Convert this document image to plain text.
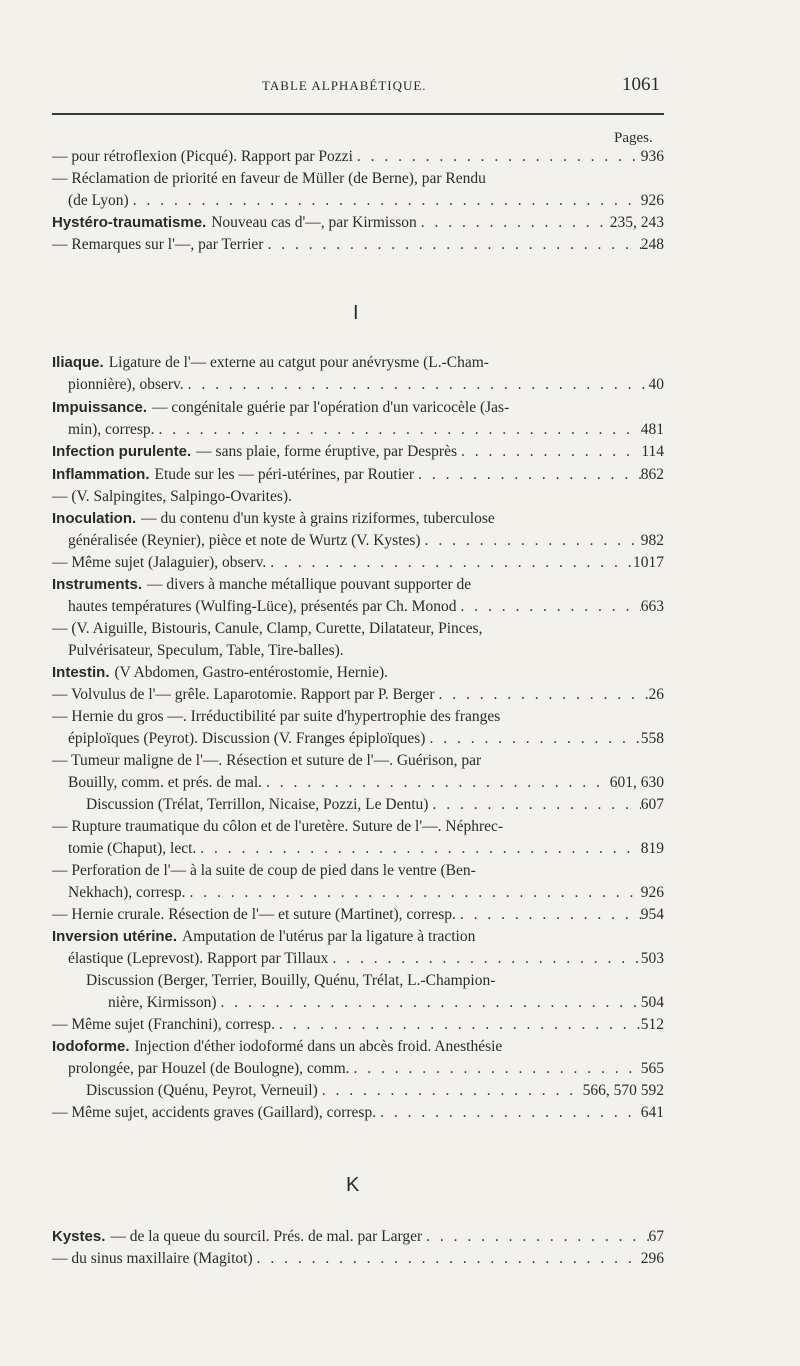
TABLE ALPHABÉTIQUE.	1061
Pages.
— pour rétroflexion (Picqué). Rapport par Pozzi . . .	936
— Réclamation de priorité en faveur de Müller (de Berne), par Rendu
(de Lyon) . . .	926
Hystéro-traumatisme. Nouveau cas d'—, par Kirmisson . . .	235, 243
— Remarques sur l'—, par Terrier . . .	248
I
Iliaque. Ligature de l'— externe au catgut pour anévrysme (L.-Cham-
pionnière), observ. . . .	40
Impuissance. — congénitale guérie par l'opération d'un varicocèle (Jas-
min), corresp. . . .	481
Infection purulente. — sans plaie, forme éruptive, par Desprès . . .	114
Inflammation. Etude sur les — péri-utérines, par Routier . . .	862
— (V. Salpingites, Salpingo-Ovarites).
Inoculation. — du contenu d'un kyste à grains riziformes, tuberculose
généralisée (Reynier), pièce et note de Wurtz (V. Kystes) . . .	982
— Même sujet (Jalaguier), observ. . . .	1017
Instruments. — divers à manche métallique pouvant supporter de
hautes températures (Wulfing-Lüce), présentés par Ch. Monod . . .	663
— (V. Aiguille, Bistouris, Canule, Clamp, Curette, Dilatateur, Pinces,
Pulvérisateur, Speculum, Table, Tire-balles).
Intestin. (V Abdomen, Gastro-entérostomie, Hernie).
— Volvulus de l'— grêle. Laparotomie. Rapport par P. Berger . . .	26
— Hernie du gros —. Irréductibilité par suite d'hypertrophie des franges
épiploïques (Peyrot). Discussion (V. Franges épiploïques) . . .	558
— Tumeur maligne de l'—. Résection et suture de l'—. Guérison, par
Bouilly, comm. et prés. de mal. . . .	601, 630
Discussion (Trélat, Terrillon, Nicaise, Pozzi, Le Dentu) . . .	607
— Rupture traumatique du côlon et de l'uretère. Suture de l'—. Néphrec-
tomie (Chaput), lect. . . .	819
— Perforation de l'— à la suite de coup de pied dans le ventre (Ben-
Nekhach), corresp. . . .	926
— Hernie crurale. Résection de l'— et suture (Martinet), corresp. . . .	954
Inversion utérine. Amputation de l'utérus par la ligature à traction
élastique (Leprevost). Rapport par Tillaux . . .	503
Discussion (Berger, Terrier, Bouilly, Quénu, Trélat, L.-Champion-
nière, Kirmisson) . . .	504
— Même sujet (Franchini), corresp. . . .	512
Iodoforme. Injection d'éther iodoformé dans un abcès froid. Anesthésie
prolongée, par Houzel (de Boulogne), comm. . . .	565
Discussion (Quénu, Peyrot, Verneuil) . . .	566, 570 592
— Même sujet, accidents graves (Gaillard), corresp. . . .	641
K
Kystes. — de la queue du sourcil. Prés. de mal. par Larger . . .	67
— du sinus maxillaire (Magitot) . . .	296
